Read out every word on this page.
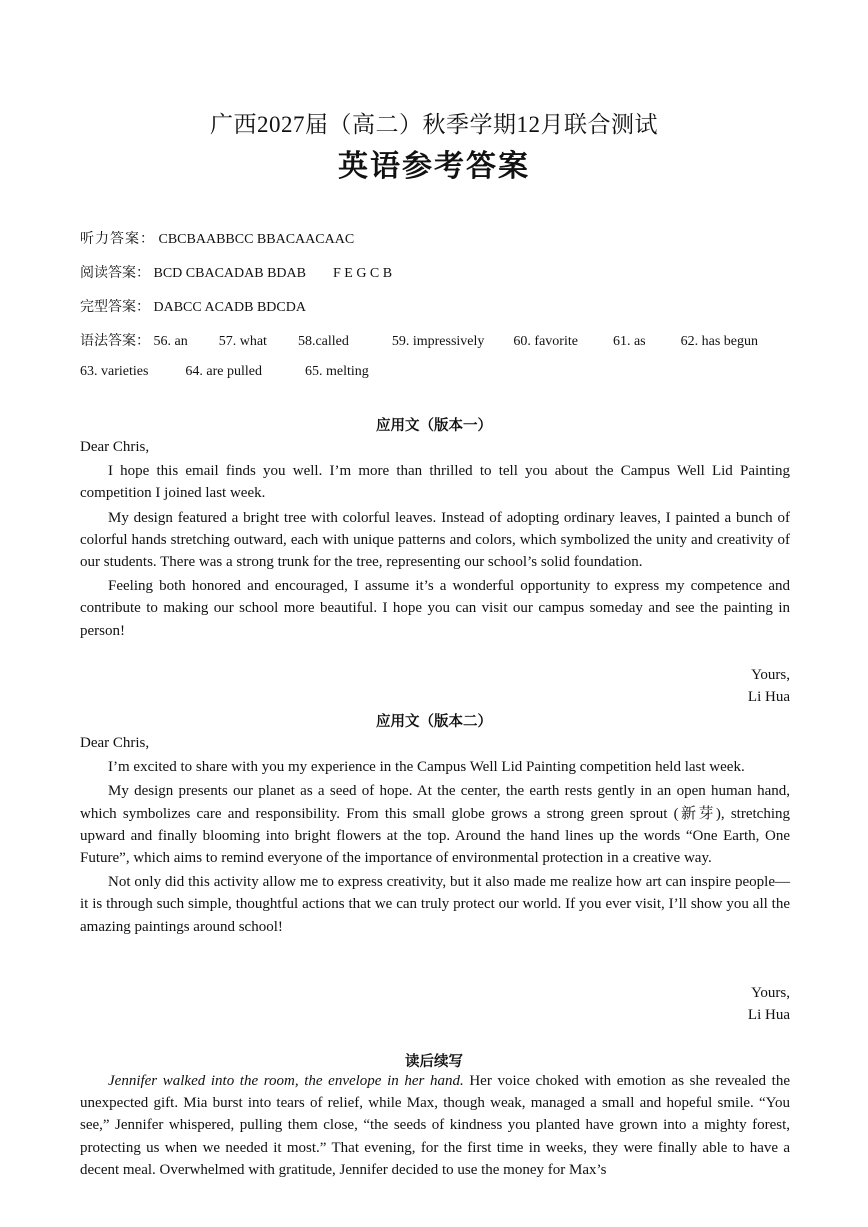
广西2027届（高二）秋季学期12月联合测试
英语参考答案
听力答案： CBCBAABBCC BBACAACAAC
阅读答案： BCD CBACADAB BDAB F E G C B
完型答案： DABCC ACADB BDCDA
语法答案： 56. an 57. what 58.called	59. impressively 60. favorite	61. as	62. has begun
63. varieties	64. are pulled	65. melting
应用文（版本一）

Dear Chris,

I hope this email finds you well. I’m more than thrilled to tell you about the Campus Well Lid Painting competition I joined last week.

My design featured a bright tree with colorful leaves. Instead of adopting ordinary leaves, I painted a bunch of colorful hands stretching outward, each with unique patterns and colors, which symbolized the unity and creativity of our students. There was a strong trunk for the tree, representing our school’s solid foundation.

Feeling both honored and encouraged, I assume it’s a wonderful opportunity to express my competence and contribute to making our school more beautiful. I hope you can visit our campus someday and see the painting in person!

Yours,
Li Hua
应用文（版本二）

Dear Chris,

I’m excited to share with you my experience in the Campus Well Lid Painting competition held last week.

My design presents our planet as a seed of hope. At the center, the earth rests gently in an open human hand, which symbolizes care and responsibility. From this small globe grows a strong green sprout (新芽), stretching upward and finally blooming into bright flowers at the top. Around the hand lines up the words “One Earth, One Future”, which aims to remind everyone of the importance of environmental protection in a creative way.

Not only did this activity allow me to express creativity, but it also made me realize how art can inspire people—it is through such simple, thoughtful actions that we can truly protect our world. If you ever visit, I’ll show you all the amazing paintings around school!

Yours,
Li Hua
读后续写

Jennifer walked into the room, the envelope in her hand. Her voice choked with emotion as she revealed the unexpected gift. Mia burst into tears of relief, while Max, though weak, managed a small and hopeful smile. “You see,” Jennifer whispered, pulling them close, “the seeds of kindness you planted have grown into a mighty forest, protecting us when we needed it most.” That evening, for the first time in weeks, they were finally able to have a decent meal. Overwhelmed with gratitude, Jennifer decided to use the money for Max’s
